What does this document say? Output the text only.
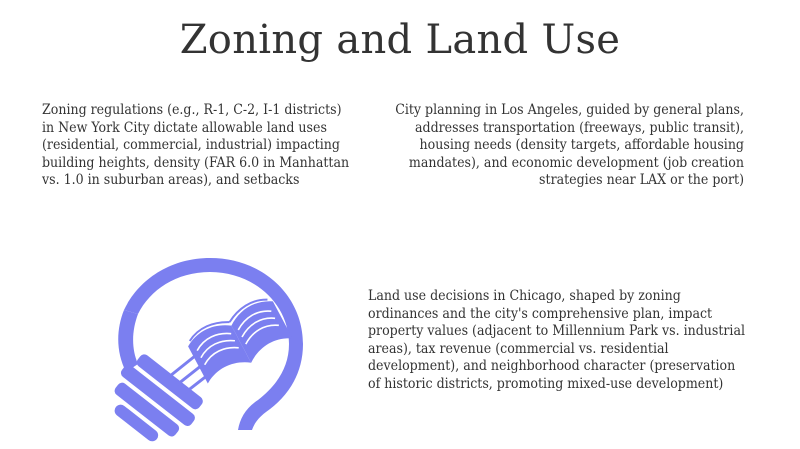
Zoning and Land Use

Zoning regulations (e.g., R-1, C-2, I-1 districts) in New York City dictate allowable land uses (residential, commercial, industrial) impacting building heights, density (FAR 6.0 in Manhattan vs. 1.0 in suburban areas), and setbacks

City planning in Los Angeles, guided by general plans, addresses transportation (freeways, public transit), housing needs (density targets, affordable housing mandates), and economic development (job creation strategies near LAX or the port)

Land use decisions in Chicago, shaped by zoning ordinances and the city's comprehensive plan, impact property values (adjacent to Millennium Park vs. industrial areas), tax revenue (commercial vs. residential development), and neighborhood character (preservation of historic districts, promoting mixed-use development)
